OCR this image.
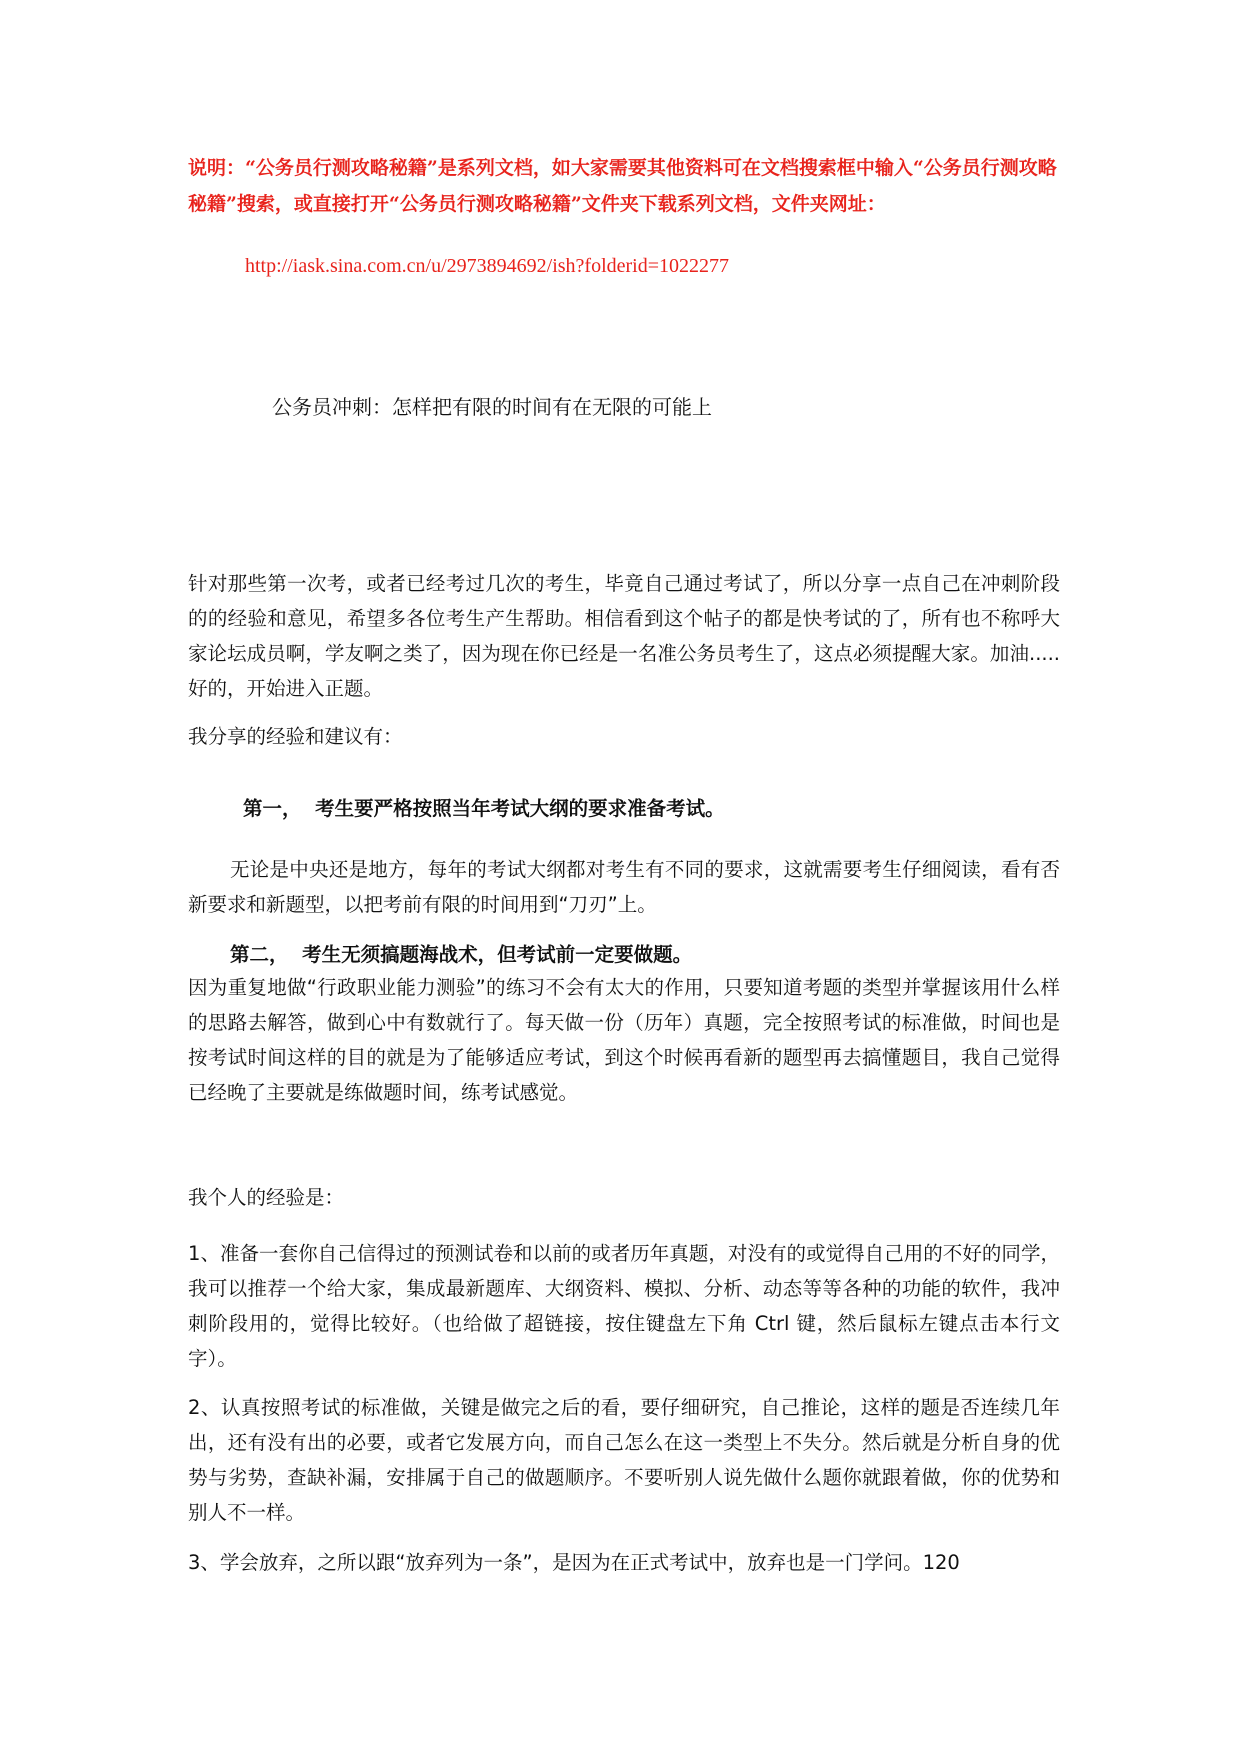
说明：“公务员行测攻略秘籍”是系列文档，如大家需要其他资料可在文档搜索框中输入“公务员行测攻略秘籍”搜索，或直接打开“公务员行测攻略秘籍”文件夹下载系列文档，文件夹网址：
http://iask.sina.com.cn/u/2973894692/ish?folderid=1022277
公务员冲刺：怎样把有限的时间有在无限的可能上
针对那些第一次考，或者已经考过几次的考生，毕竟自己通过考试了，所以分享一点自己在冲刺阶段的的经验和意见，希望多各位考生产生帮助。相信看到这个帖子的都是快考试的了，所有也不称呼大家论坛成员啊，学友啊之类了，因为现在你已经是一名准公务员考生了，这点必须提醒大家。加油.....好的，开始进入正题。
我分享的经验和建议有：
第一，  考生要严格按照当年考试大纲的要求准备考试。
无论是中央还是地方，每年的考试大纲都对考生有不同的要求，这就需要考生仔细阅读，看有否新要求和新题型，以把考前有限的时间用到“刀刃”上。
第二，  考生无须搞题海战术，但考试前一定要做题。
因为重复地做“行政职业能力测验”的练习不会有太大的作用，只要知道考题的类型并掌握该用什么样的思路去解答，做到心中有数就行了。每天做一份（历年）真题，完全按照考试的标准做，时间也是按考试时间这样的目的就是为了能够适应考试，到这个时候再看新的题型再去搞懂题目，我自己觉得已经晚了主要就是练做题时间，练考试感觉。
我个人的经验是：
1、准备一套你自己信得过的预测试卷和以前的或者历年真题，对没有的或觉得自己用的不好的同学，我可以推荐一个给大家，集成最新题库、大纲资料、模拟、分析、动态等等各种的功能的软件，我冲刺阶段用的，觉得比较好。（也给做了超链接，按住键盘左下角 Ctrl 键，然后鼠标左键点击本行文字）。
2、认真按照考试的标准做，关键是做完之后的看，要仔细研究，自己推论，这样的题是否连续几年出，还有没有出的必要，或者它发展方向，而自己怎么在这一类型上不失分。然后就是分析自身的优势与劣势，查缺补漏，安排属于自己的做题顺序。不要听别人说先做什么题你就跟着做，你的优势和别人不一样。
3、学会放弃，之所以跟“放弃列为一条”，是因为在正式考试中，放弃也是一门学问。120
